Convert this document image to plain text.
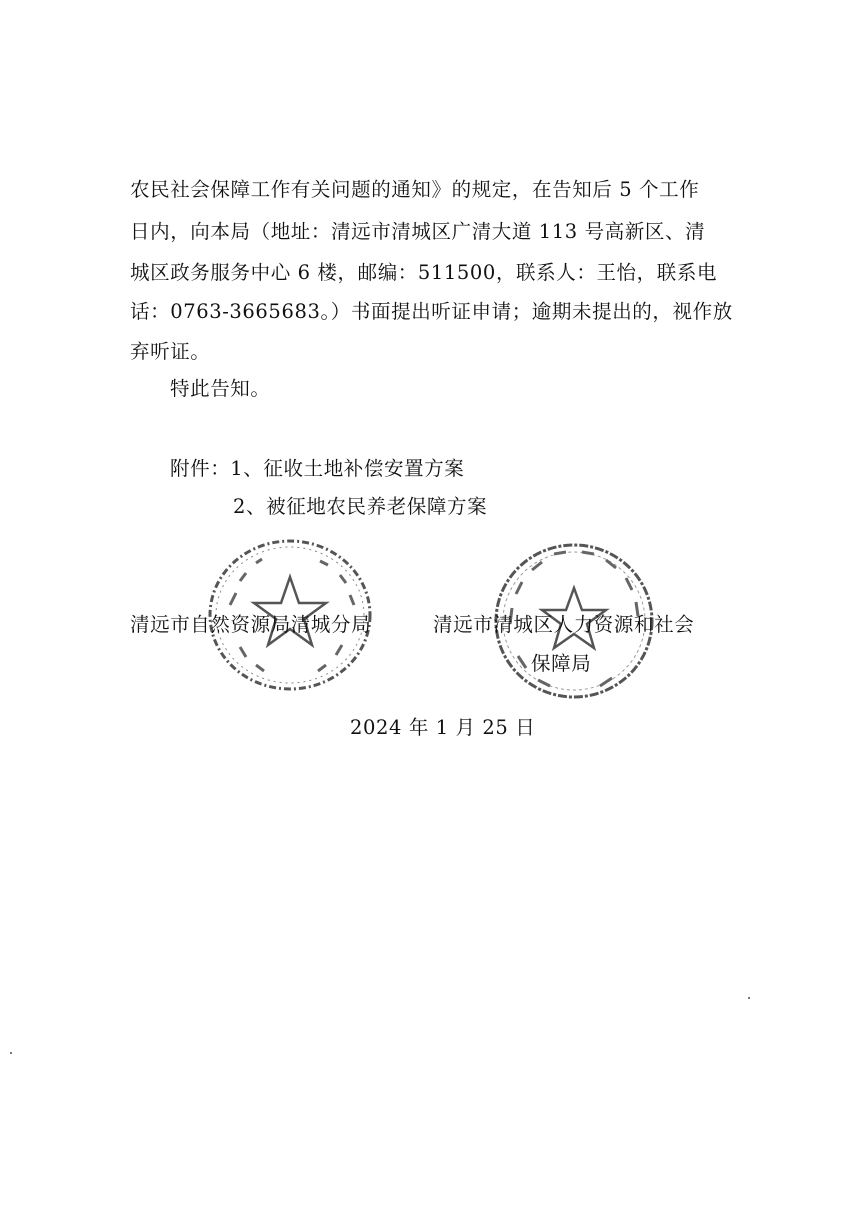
农民社会保障工作有关问题的通知》的规定，在告知后 5 个工作
日内，向本局（地址：清远市清城区广清大道 113 号高新区、清
城区政务服务中心 6 楼，邮编：511500，联系人：王怡，联系电
话：0763-3665683。）书面提出听证申请；逾期未提出的，视作放
弃听证。
特此告知。
附件：1、征收土地补偿安置方案
2、被征地农民养老保障方案
清远市自然资源局清城分局	清远市清城区人力资源和社会
保障局
2024 年 1 月 25 日
